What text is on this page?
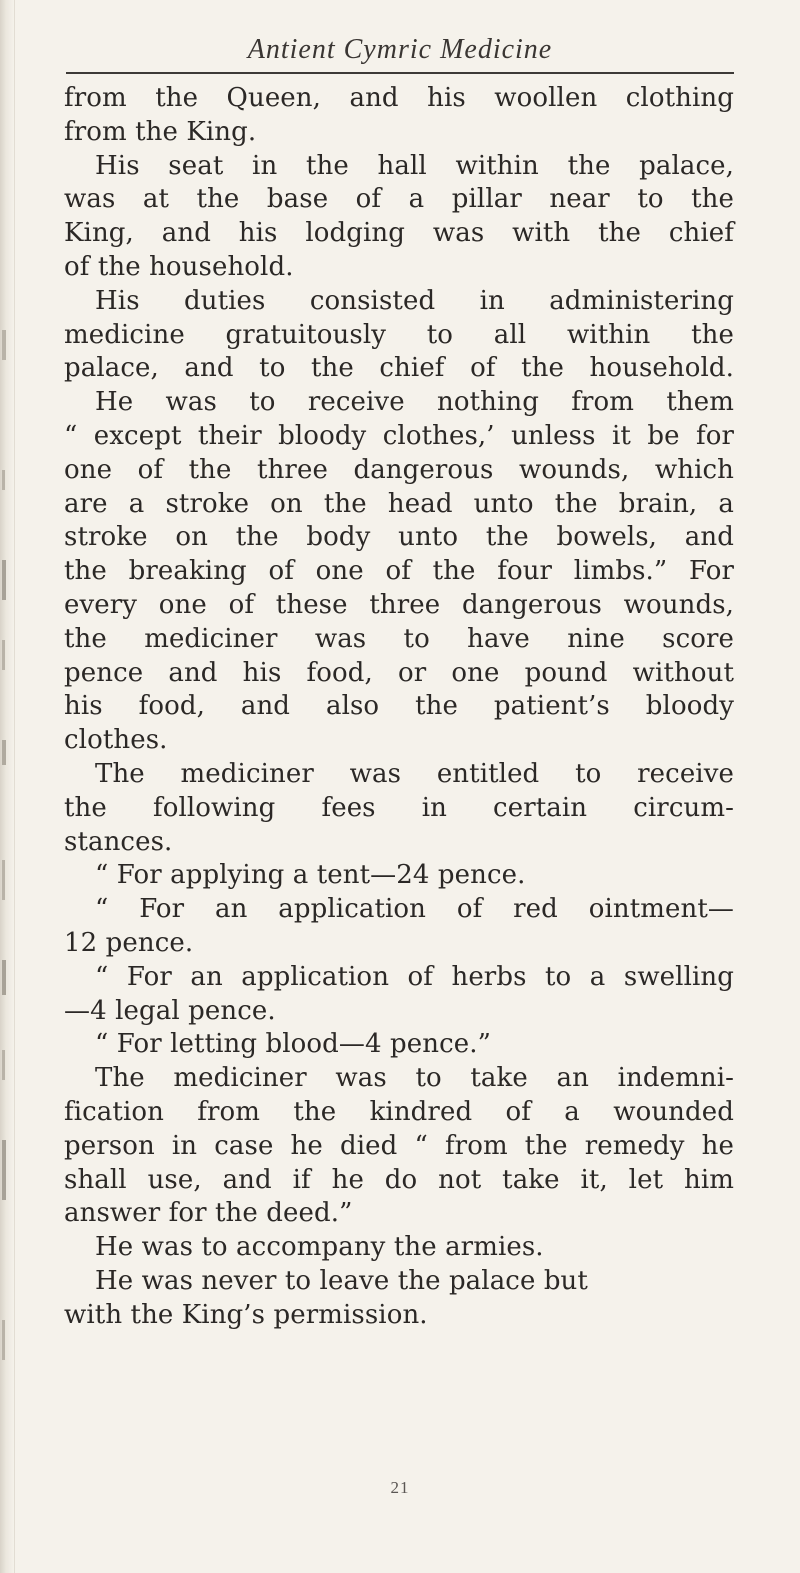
Antient Cymric Medicine
from the Queen, and his woollen clothing
from the King.
His seat in the hall within the palace,
was at the base of a pillar near to the
King, and his lodging was with the chief
of the household.
His duties consisted in administering
medicine gratuitously to all within the
palace, and to the chief of the household.
He was to receive nothing from them
“ except their bloody clothes,’ unless it be for
one of the three dangerous wounds, which
are a stroke on the head unto the brain, a
stroke on the body unto the bowels, and
the breaking of one of the four limbs.” For
every one of these three dangerous wounds,
the mediciner was to have nine score
pence and his food, or one pound without
his food, and also the patient’s bloody
clothes.
The mediciner was entitled to receive
the following fees in certain circum-
stances.
“ For applying a tent—24 pence.
“ For an application of red ointment—
12 pence.
“ For an application of herbs to a swelling
—4 legal pence.
“ For letting blood—4 pence.”
The mediciner was to take an indemni-
fication from the kindred of a wounded
person in case he died “ from the remedy he
shall use, and if he do not take it, let him
answer for the deed.”
He was to accompany the armies.
He was never to leave the palace but
with the King’s permission.
21
